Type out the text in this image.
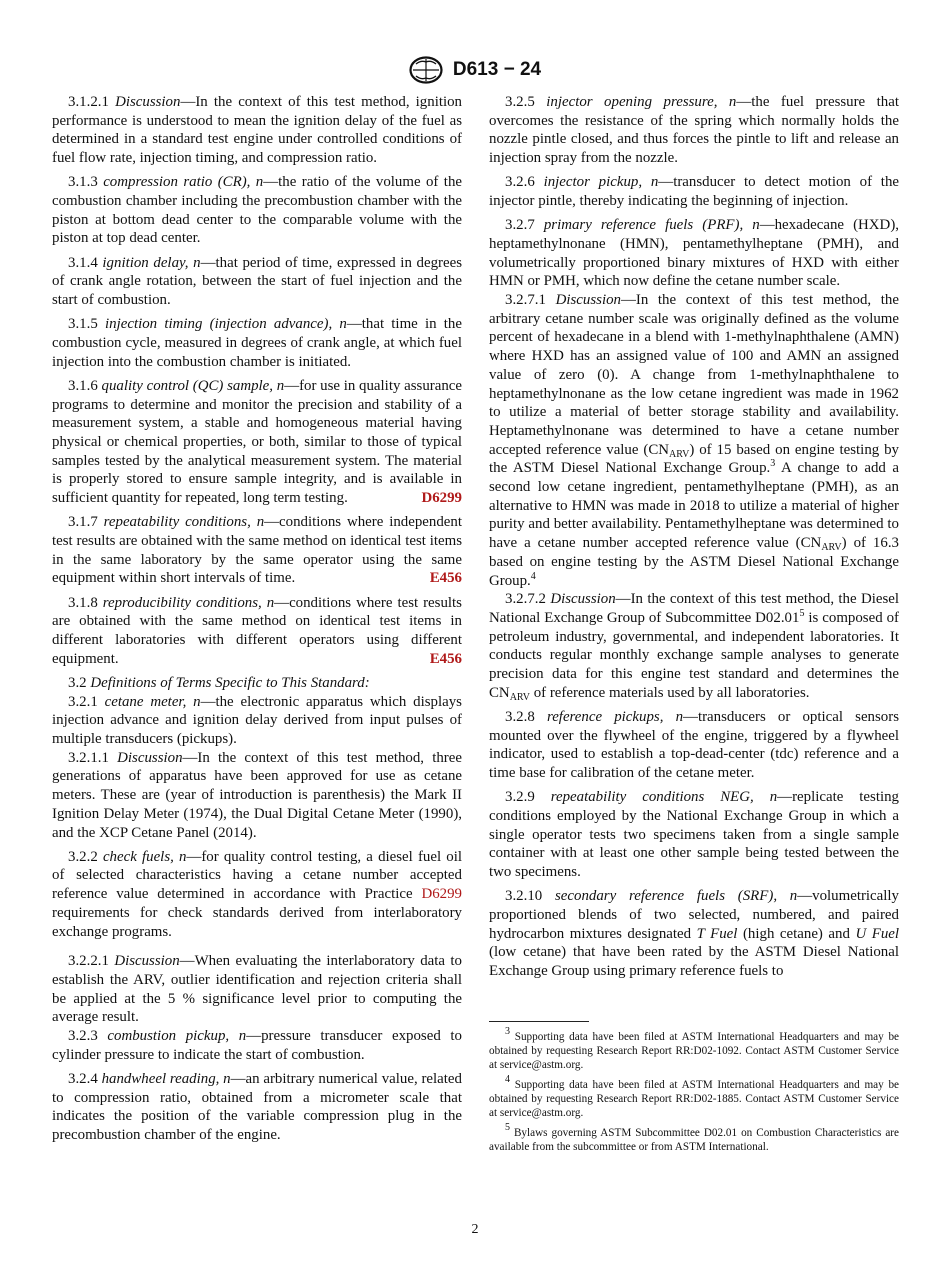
D613 − 24

3.1.2.1 Discussion—In the context of this test method, ignition performance is understood to mean the ignition delay of the fuel as determined in a standard test engine under controlled conditions of fuel flow rate, injection timing, and compression ratio.

3.1.3 compression ratio (CR), n—the ratio of the volume of the combustion chamber including the precombustion chamber with the piston at bottom dead center to the comparable volume with the piston at top dead center.

3.1.4 ignition delay, n—that period of time, expressed in degrees of crank angle rotation, between the start of fuel injection and the start of combustion.

3.1.5 injection timing (injection advance), n—that time in the combustion cycle, measured in degrees of crank angle, at which fuel injection into the combustion chamber is initiated.

3.1.6 quality control (QC) sample, n—for use in quality assurance programs to determine and monitor the precision and stability of a measurement system, a stable and homogeneous material having physical or chemical properties, or both, similar to those of typical samples tested by the analytical measurement system. The material is properly stored to ensure sample integrity, and is available in sufficient quantity for repeated, long term testing.	D6299

3.1.7 repeatability conditions, n—conditions where independent test results are obtained with the same method on identical test items in the same laboratory by the same operator using the same equipment within short intervals of time.	E456

3.1.8 reproducibility conditions, n—conditions where test results are obtained with the same method on identical test items in different laboratories with different operators using different equipment.	E456

3.2 Definitions of Terms Specific to This Standard:

3.2.1 cetane meter, n—the electronic apparatus which displays injection advance and ignition delay derived from input pulses of multiple transducers (pickups).

3.2.1.1 Discussion—In the context of this test method, three generations of apparatus have been approved for use as cetane meters. These are (year of introduction is parenthesis) the Mark II Ignition Delay Meter (1974), the Dual Digital Cetane Meter (1990), and the XCP Cetane Panel (2014).

3.2.2 check fuels, n—for quality control testing, a diesel fuel oil of selected characteristics having a cetane number accepted reference value determined in accordance with Practice D6299 requirements for check standards derived from interlaboratory exchange programs.

3.2.2.1 Discussion—When evaluating the interlaboratory data to establish the ARV, outlier identification and rejection criteria shall be applied at the 5 % significance level prior to computing the average result.

3.2.3 combustion pickup, n—pressure transducer exposed to cylinder pressure to indicate the start of combustion.

3.2.4 handwheel reading, n—an arbitrary numerical value, related to compression ratio, obtained from a micrometer scale that indicates the position of the variable compression plug in the precombustion chamber of the engine.

3.2.5 injector opening pressure, n—the fuel pressure that overcomes the resistance of the spring which normally holds the nozzle pintle closed, and thus forces the pintle to lift and release an injection spray from the nozzle.

3.2.6 injector pickup, n—transducer to detect motion of the injector pintle, thereby indicating the beginning of injection.

3.2.7 primary reference fuels (PRF), n—hexadecane (HXD), heptamethylnonane (HMN), pentamethylheptane (PMH), and volumetrically proportioned binary mixtures of HXD with either HMN or PMH, which now define the cetane number scale.

3.2.7.1 Discussion—In the context of this test method, the arbitrary cetane number scale was originally defined as the volume percent of hexadecane in a blend with 1-methylnaphthalene (AMN) where HXD has an assigned value of 100 and AMN an assigned value of zero (0). A change from 1-methylnaphthalene to heptamethylnonane as the low cetane ingredient was made in 1962 to utilize a material of better storage stability and availability. Heptamethylnonane was determined to have a cetane number accepted reference value $(CN_{ARV})$ of 15 based on engine testing by the ASTM Diesel National Exchange Group.$^3$ A change to add a second low cetane ingredient, pentamethylheptane (PMH), as an alternative to HMN was made in 2018 to utilize a material of higher purity and better availability. Pentamethylheptane was determined to have a cetane number accepted reference value $(CN_{ARV})$ of 16.3 based on engine testing by the ASTM Diesel National Exchange Group.$^4$

3.2.7.2 Discussion—In the context of this test method, the Diesel National Exchange Group of Subcommittee D02.01$^5$ is composed of petroleum industry, governmental, and independent laboratories. It conducts regular monthly exchange sample analyses to generate precision data for this engine test standard and determines the $CN_{ARV}$ of reference materials used by all laboratories.

3.2.8 reference pickups, n—transducers or optical sensors mounted over the flywheel of the engine, triggered by a flywheel indicator, used to establish a top-dead-center (tdc) reference and a time base for calibration of the cetane meter.

3.2.9 repeatability conditions NEG, n—replicate testing conditions employed by the National Exchange Group in which a single operator tests two specimens taken from a single sample container with at least one other sample being tested between the two specimens.

3.2.10 secondary reference fuels (SRF), n—volumetrically proportioned blends of two selected, numbered, and paired hydrocarbon mixtures designated T Fuel (high cetane) and U Fuel (low cetane) that have been rated by the ASTM Diesel National Exchange Group using primary reference fuels to

$^3$ Supporting data have been filed at ASTM International Headquarters and may be obtained by requesting Research Report RR:D02-1092. Contact ASTM Customer Service at service@astm.org.

$^4$ Supporting data have been filed at ASTM International Headquarters and may be obtained by requesting Research Report RR:D02-1885. Contact ASTM Customer Service at service@astm.org.

$^5$ Bylaws governing ASTM Subcommittee D02.01 on Combustion Characteristics are available from the subcommittee or from ASTM International.

2
